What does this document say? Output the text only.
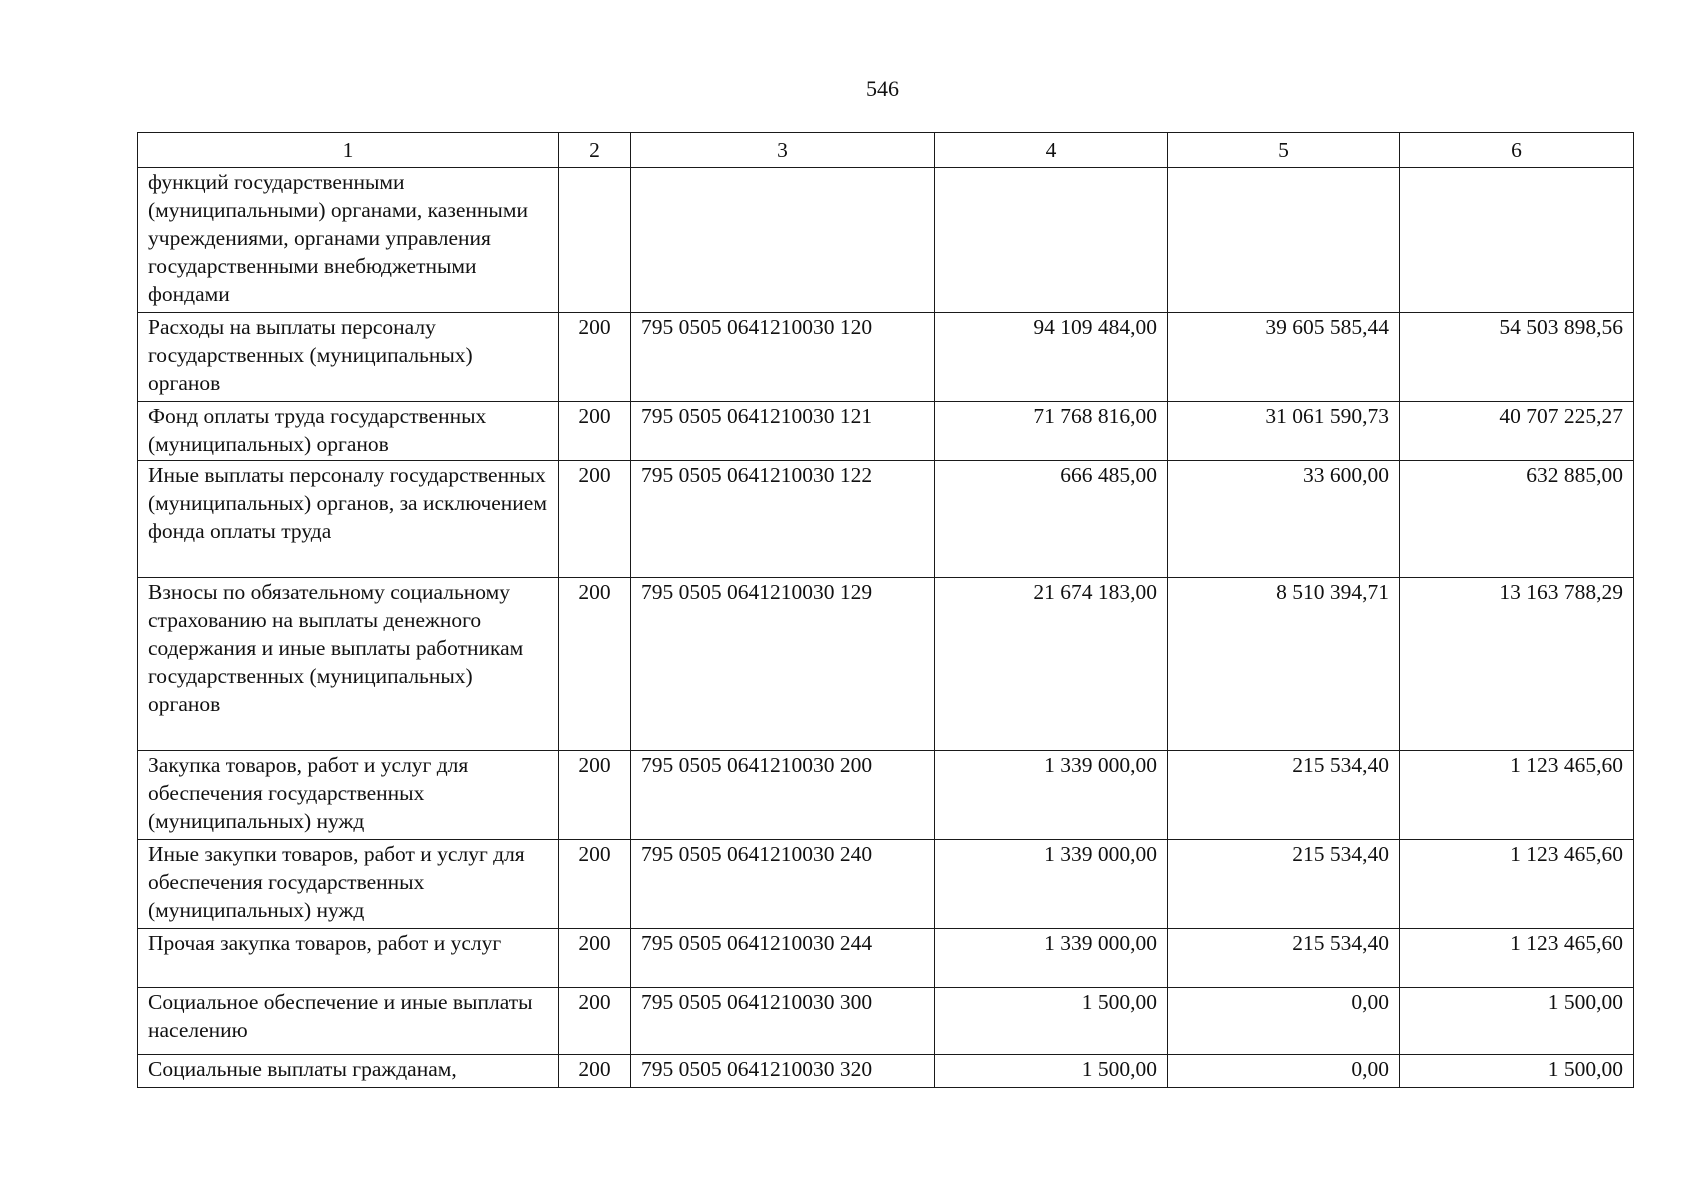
546
1	2	3	4	5	6
функций государственными (муниципальными) органами, казенными учреждениями, органами управления государственными внебюджетными фондами					
Расходы на выплаты персоналу государственных (муниципальных) органов	200	795 0505 0641210030 120	94 109 484,00	39 605 585,44	54 503 898,56
Фонд оплаты труда государственных (муниципальных) органов	200	795 0505 0641210030 121	71 768 816,00	31 061 590,73	40 707 225,27
Иные выплаты персоналу государственных (муниципальных) органов, за исключением фонда оплаты труда	200	795 0505 0641210030 122	666 485,00	33 600,00	632 885,00
Взносы по обязательному социальному страхованию на выплаты денежного содержания и иные выплаты работникам государственных (муниципальных) органов	200	795 0505 0641210030 129	21 674 183,00	8 510 394,71	13 163 788,29
Закупка товаров, работ и услуг для обеспечения государственных (муниципальных) нужд	200	795 0505 0641210030 200	1 339 000,00	215 534,40	1 123 465,60
Иные закупки товаров, работ и услуг для обеспечения государственных (муниципальных) нужд	200	795 0505 0641210030 240	1 339 000,00	215 534,40	1 123 465,60
Прочая закупка товаров, работ и услуг	200	795 0505 0641210030 244	1 339 000,00	215 534,40	1 123 465,60
Социальное обеспечение и иные выплаты населению	200	795 0505 0641210030 300	1 500,00	0,00	1 500,00
Социальные выплаты гражданам,	200	795 0505 0641210030 320	1 500,00	0,00	1 500,00
